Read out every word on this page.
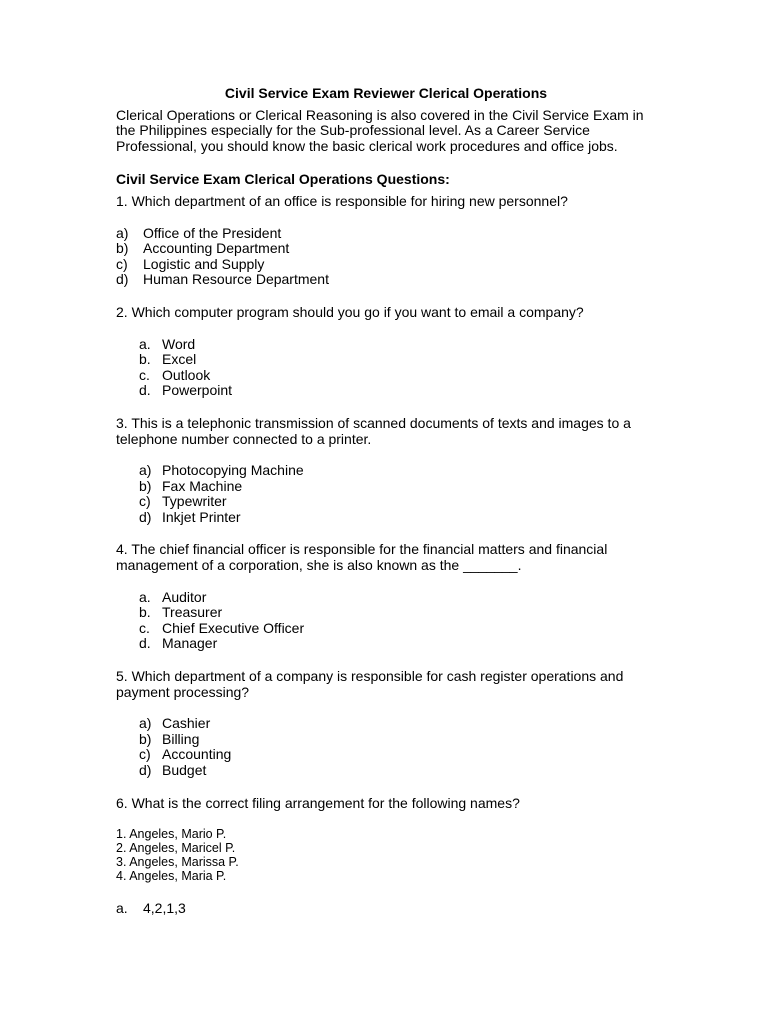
Civil Service Exam Reviewer Clerical Operations
Clerical Operations or Clerical Reasoning is also covered in the Civil Service Exam in the Philippines especially for the Sub-professional level. As a Career Service Professional, you should know the basic clerical work procedures and office jobs.
Civil Service Exam Clerical Operations Questions:
1. Which department of an office is responsible for hiring new personnel?
a) Office of the President
b) Accounting Department
c) Logistic and Supply
d) Human Resource Department
2. Which computer program should you go if you want to email a company?
a. Word
b. Excel
c. Outlook
d. Powerpoint
3. This is a telephonic transmission of scanned documents of texts and images to a telephone number connected to a printer.
a) Photocopying Machine
b) Fax Machine
c) Typewriter
d) Inkjet Printer
4. The chief financial officer is responsible for the financial matters and financial management of a corporation, she is also known as the _______.
a. Auditor
b. Treasurer
c. Chief Executive Officer
d. Manager
5. Which department of a company is responsible for cash register operations and payment processing?
a) Cashier
b) Billing
c) Accounting
d) Budget
6. What is the correct filing arrangement for the following names?
1. Angeles, Mario P.
2. Angeles, Maricel P.
3. Angeles, Marissa P.
4. Angeles, Maria P.
a. 4,2,1,3
